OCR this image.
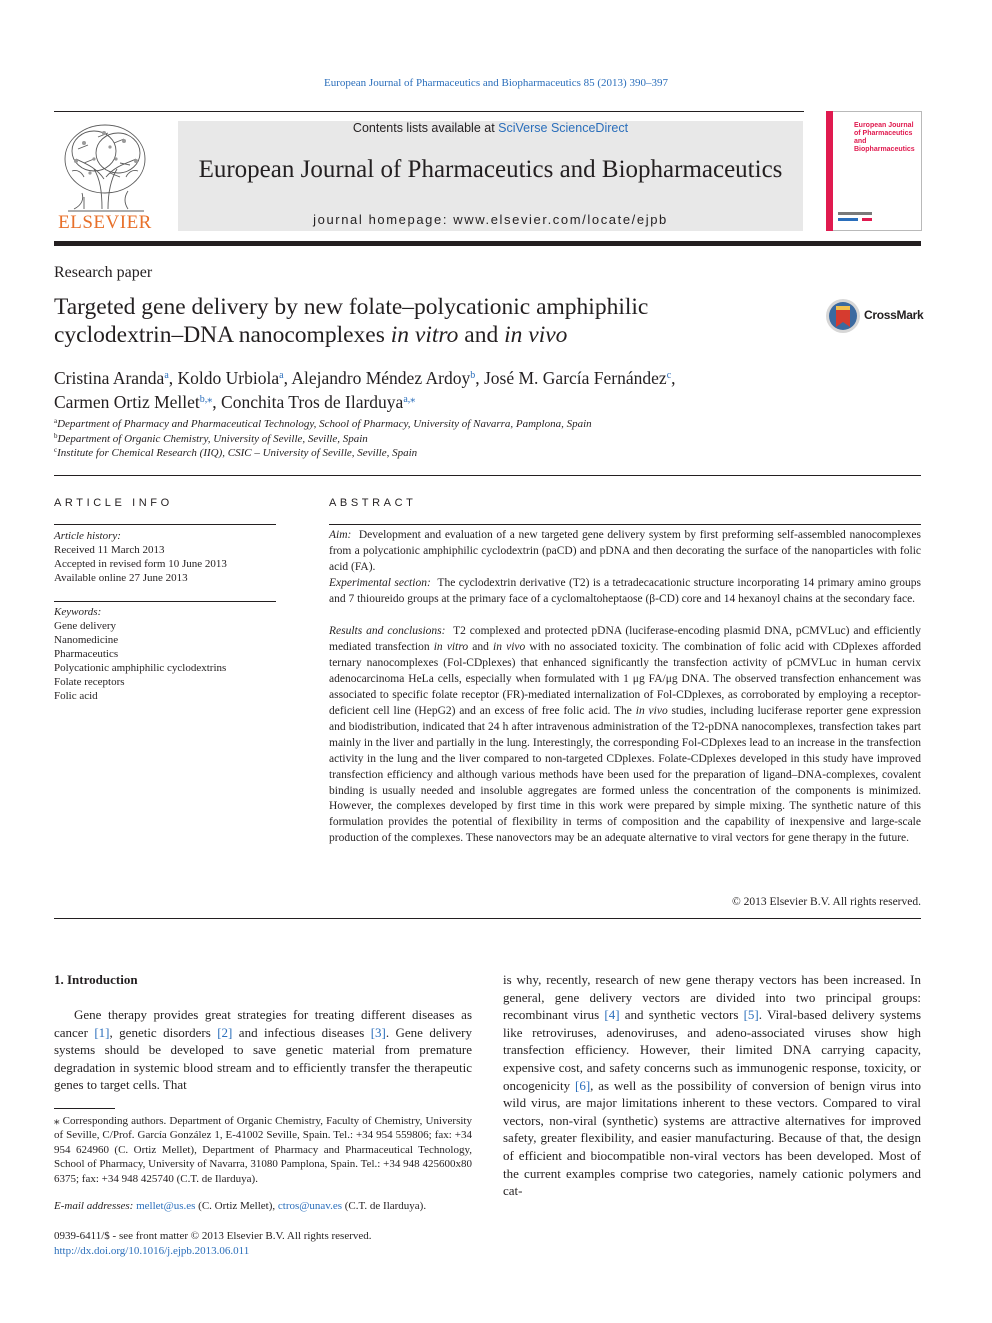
European Journal of Pharmaceutics and Biopharmaceutics 85 (2013) 390–397
ELSEVIER
Contents lists available at SciVerse ScienceDirect
European Journal of Pharmaceutics and Biopharmaceutics
journal homepage: www.elsevier.com/locate/ejpb
European Journal of Pharmaceutics and Biopharmaceutics
Research paper
Targeted gene delivery by new folate–polycationic amphiphilic
cyclodextrin–DNA nanocomplexes in vitro and in vivo
CrossMark
Cristina Aranda$^a$, Koldo Urbiola$^a$, Alejandro Méndez Ardoy$^b$, José M. García Fernández$^c$,
Carmen Ortiz Mellet$^{b,⁎}$, Conchita Tros de Ilarduya$^{a,⁎}$
$^a$Department of Pharmacy and Pharmaceutical Technology, School of Pharmacy, University of Navarra, Pamplona, Spain
$^b$Department of Organic Chemistry, University of Seville, Seville, Spain
$^c$Institute for Chemical Research (IIQ), CSIC – University of Seville, Seville, Spain
ARTICLE INFO
Article history:
Received 11 March 2013
Accepted in revised form 10 June 2013
Available online 27 June 2013
Keywords:
Gene delivery
Nanomedicine
Pharmaceutics
Polycationic amphiphilic cyclodextrins
Folate receptors
Folic acid
ABSTRACT
Aim: Development and evaluation of a new targeted gene delivery system by first preforming self-assembled nanocomplexes from a polycationic amphiphilic cyclodextrin (paCD) and pDNA and then decorating the surface of the nanoparticles with folic acid (FA).
Experimental section: The cyclodextrin derivative (T2) is a tetradecacationic structure incorporating 14 primary amino groups and 7 thioureido groups at the primary face of a cyclomaltoheptaose (β-CD) core and 14 hexanoyl chains at the secondary face.
Results and conclusions: T2 complexed and protected pDNA (luciferase-encoding plasmid DNA, pCMVLuc) and efficiently mediated transfection in vitro and in vivo with no associated toxicity. The combination of folic acid with CDplexes afforded ternary nanocomplexes (Fol-CDplexes) that enhanced significantly the transfection activity of pCMVLuc in human cervix adenocarcinoma HeLa cells, especially when formulated with 1 μg FA/μg DNA. The observed transfection enhancement was associated to specific folate receptor (FR)-mediated internalization of Fol-CDplexes, as corroborated by employing a receptor-deficient cell line (HepG2) and an excess of free folic acid. The in vivo studies, including luciferase reporter gene expression and biodistribution, indicated that 24 h after intravenous administration of the T2-pDNA nanocomplexes, transfection takes part mainly in the liver and partially in the lung. Interestingly, the corresponding Fol-CDplexes lead to an increase in the transfection activity in the lung and the liver compared to non-targeted CDplexes. Folate-CDplexes developed in this study have improved transfection efficiency and although various methods have been used for the preparation of ligand–DNA-complexes, covalent binding is usually needed and insoluble aggregates are formed unless the concentration of the components is minimized. However, the complexes developed by first time in this work were prepared by simple mixing. The synthetic nature of this formulation provides the potential of flexibility in terms of composition and the capability of inexpensive and large-scale production of the complexes. These nanovectors may be an adequate alternative to viral vectors for gene therapy in the future.
© 2013 Elsevier B.V. All rights reserved.
1. Introduction
Gene therapy provides great strategies for treating different diseases as cancer [1], genetic disorders [2] and infectious diseases [3]. Gene delivery systems should be developed to save genetic material from premature degradation in systemic blood stream and to efficiently transfer the therapeutic genes to target cells. That
is why, recently, research of new gene therapy vectors has been increased. In general, gene delivery vectors are divided into two principal groups: recombinant virus [4] and synthetic vectors [5]. Viral-based delivery systems like retroviruses, adenoviruses, and adeno-associated viruses show high transfection efficiency. However, their limited DNA carrying capacity, expensive cost, and safety concerns such as immunogenic response, toxicity, or oncogenicity [6], as well as the possibility of conversion of benign virus into wild virus, are major limitations inherent to these vectors. Compared to viral vectors, non-viral (synthetic) systems are attractive alternatives for improved safety, greater flexibility, and easier manufacturing. Because of that, the design of efficient and biocompatible non-viral vectors has been developed. Most of the current examples comprise two categories, namely cationic polymers and cat-
⁎ Corresponding authors. Department of Organic Chemistry, Faculty of Chemistry, University of Seville, C/Prof. García González 1, E-41002 Seville, Spain. Tel.: +34 954 559806; fax: +34 954 624960 (C. Ortiz Mellet), Department of Pharmacy and Pharmaceutical Technology, School of Pharmacy, University of Navarra, 31080 Pamplona, Spain. Tel.: +34 948 425600x80 6375; fax: +34 948 425740 (C.T. de Ilarduya).
E-mail addresses: mellet@us.es (C. Ortiz Mellet), ctros@unav.es (C.T. de Ilarduya).
0939-6411/$ - see front matter © 2013 Elsevier B.V. All rights reserved.
http://dx.doi.org/10.1016/j.ejpb.2013.06.011
